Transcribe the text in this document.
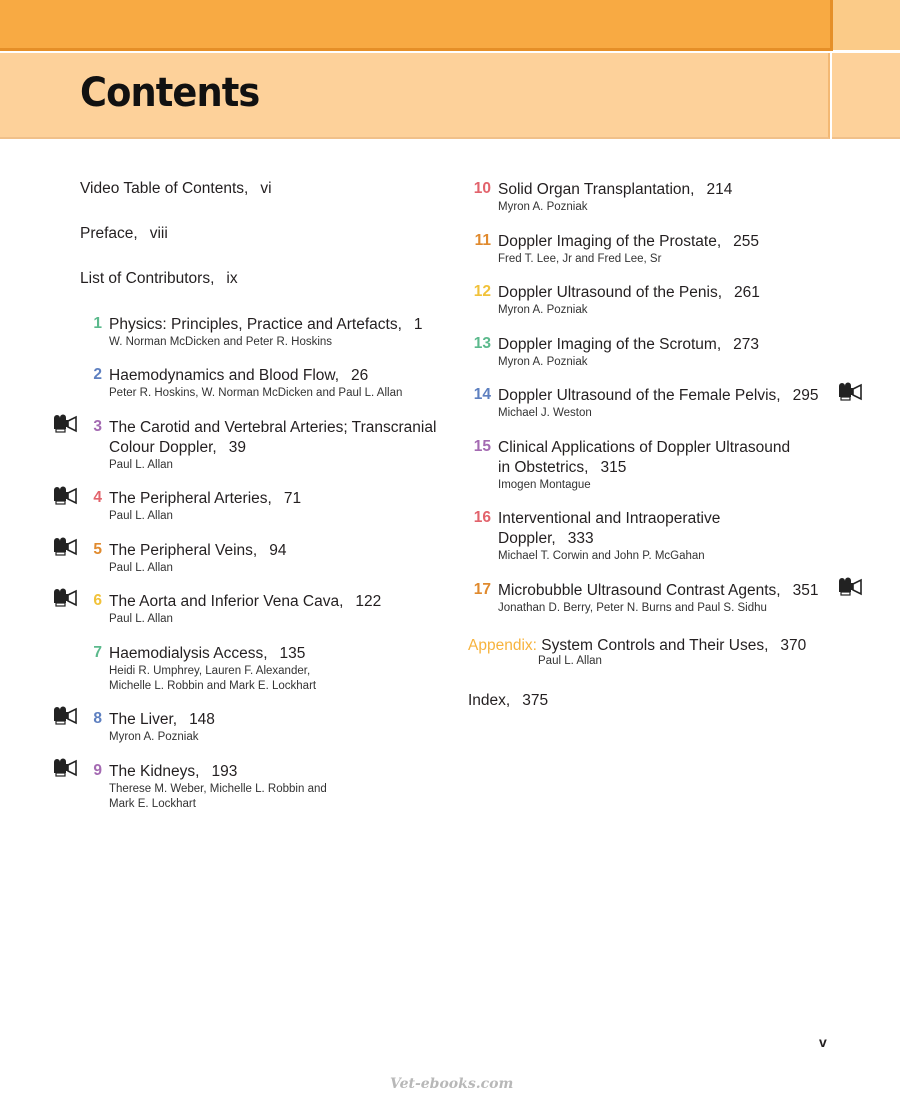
Contents
Video Table of Contents, vi
Preface, viii
List of Contributors, ix
1 Physics: Principles, Practice and Artefacts, 1
W. Norman McDicken and Peter R. Hoskins
2 Haemodynamics and Blood Flow, 26
Peter R. Hoskins, W. Norman McDicken and Paul L. Allan
3 The Carotid and Vertebral Arteries; Transcranial
Colour Doppler, 39
Paul L. Allan
4 The Peripheral Arteries, 71
Paul L. Allan
5 The Peripheral Veins, 94
Paul L. Allan
6 The Aorta and Inferior Vena Cava, 122
Paul L. Allan
7 Haemodialysis Access, 135
Heidi R. Umphrey, Lauren F. Alexander,
Michelle L. Robbin and Mark E. Lockhart
8 The Liver, 148
Myron A. Pozniak
9 The Kidneys, 193
Therese M. Weber, Michelle L. Robbin and
Mark E. Lockhart
10 Solid Organ Transplantation, 214
Myron A. Pozniak
11 Doppler Imaging of the Prostate, 255
Fred T. Lee, Jr and Fred Lee, Sr
12 Doppler Ultrasound of the Penis, 261
Myron A. Pozniak
13 Doppler Imaging of the Scrotum, 273
Myron A. Pozniak
14 Doppler Ultrasound of the Female Pelvis, 295
Michael J. Weston
15 Clinical Applications of Doppler Ultrasound
in Obstetrics, 315
Imogen Montague
16 Interventional and Intraoperative
Doppler, 333
Michael T. Corwin and John P. McGahan
17 Microbubble Ultrasound Contrast Agents, 351
Jonathan D. Berry, Peter N. Burns and Paul S. Sidhu
Appendix: System Controls and Their Uses, 370
Paul L. Allan
Index, 375
v
Vet-ebooks.com
